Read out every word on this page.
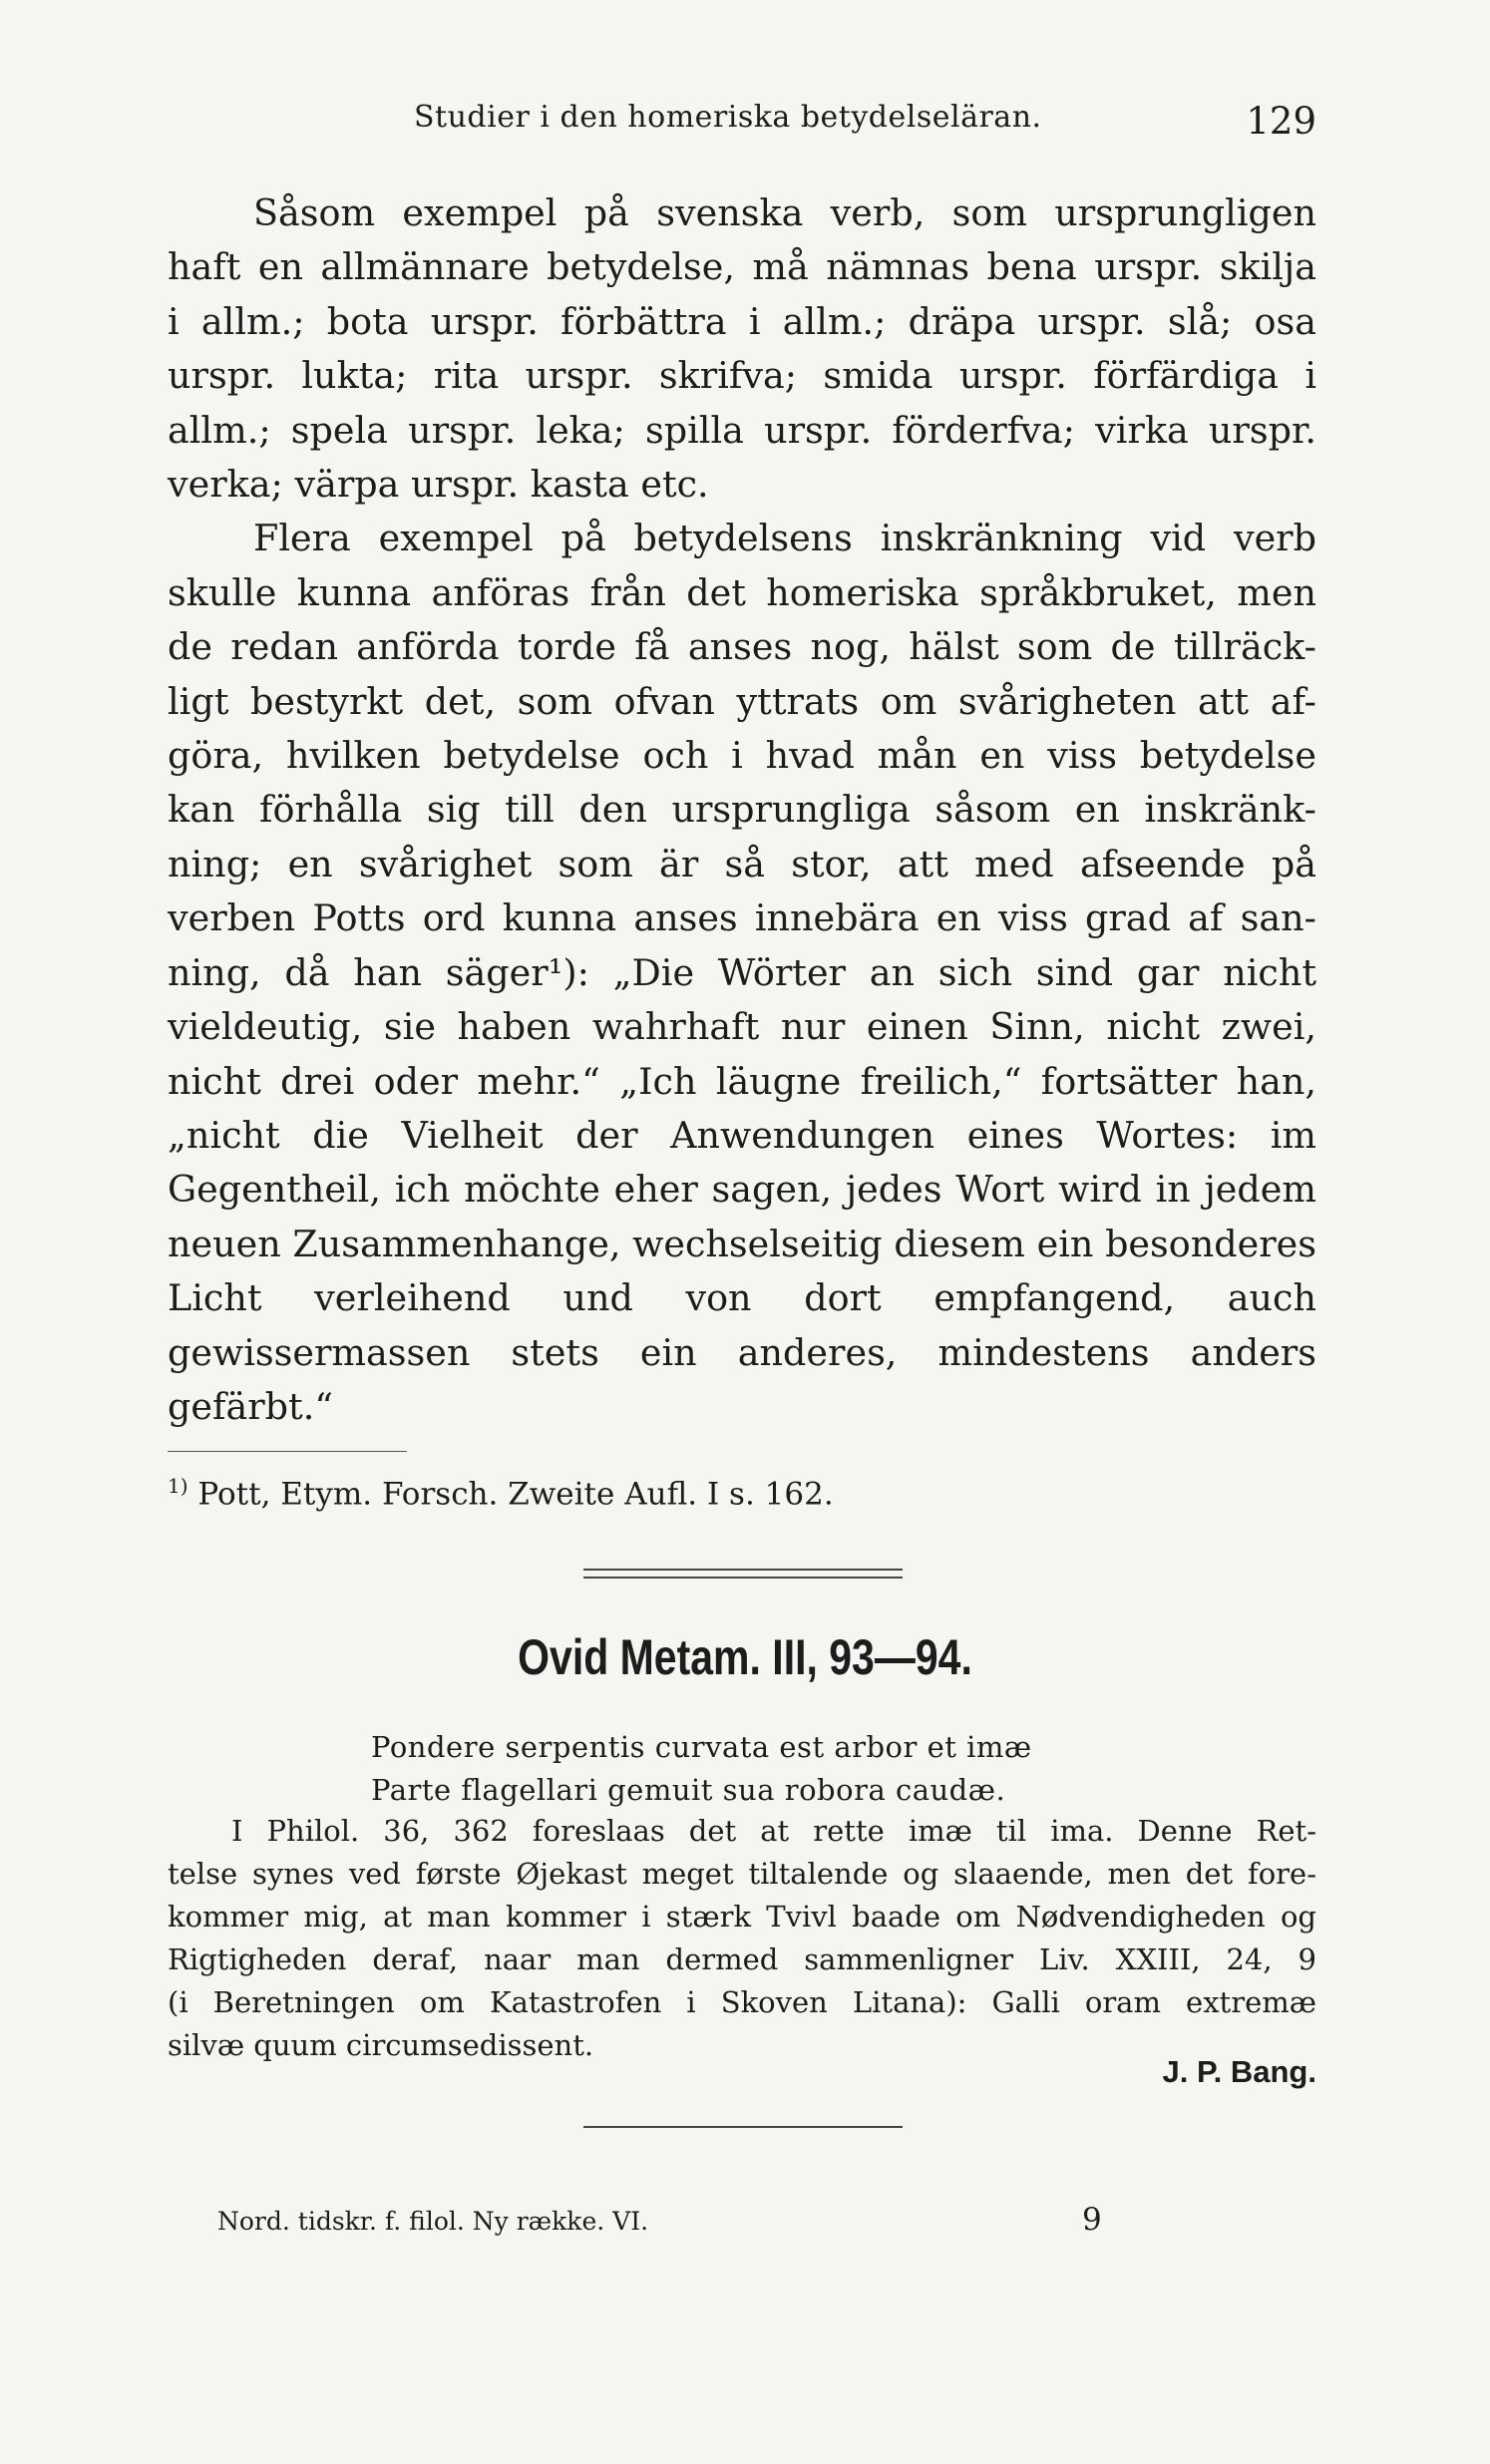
Studier i den homeriska betydelseläran.	129
Såsom exempel på svenska verb, som ursprungligen
haft en allmännare betydelse, må nämnas bena urspr. skilja
i allm.; bota urspr. förbättra i allm.; dräpa urspr. slå; osa
urspr. lukta; rita urspr. skrifva; smida urspr. förfärdiga i
allm.; spela urspr. leka; spilla urspr. förderfva; virka urspr.
verka; värpa urspr. kasta etc.
Flera exempel på betydelsens inskränkning vid verb
skulle kunna anföras från det homeriska språkbruket, men
de redan anförda torde få anses nog, hälst som de tillräck-
ligt bestyrkt det, som ofvan yttrats om svårigheten att af-
göra, hvilken betydelse och i hvad mån en viss betydelse
kan förhålla sig till den ursprungliga såsom en inskränk-
ning; en svårighet som är så stor, att med afseende på
verben Potts ord kunna anses innebära en viss grad af san-
ning, då han säger¹): „Die Wörter an sich sind gar nicht
vieldeutig, sie haben wahrhaft nur einen Sinn, nicht zwei,
nicht drei oder mehr.“ „Ich läugne freilich,“ fortsätter han,
„nicht die Vielheit der Anwendungen eines Wortes: im
Gegentheil, ich möchte eher sagen, jedes Wort wird in jedem
neuen Zusammenhange, wechselseitig diesem ein besonderes
Licht verleihend und von dort empfangend, auch
gewissermassen stets ein anderes, mindestens anders
gefärbt.“
$^{1)}$ Pott, Etym. Forsch. Zweite Aufl. I s. 162.
Ovid Metam. III, 93—94.
Pondere serpentis curvata est arbor et imæ
Parte flagellari gemuit sua robora caudæ.
I Philol. 36, 362 foreslaas det at rette imæ til ima. Denne Ret-
telse synes ved første Øjekast meget tiltalende og slaaende, men det fore-
kommer mig, at man kommer i stærk Tvivl baade om Nødvendigheden og
Rigtigheden deraf, naar man dermed sammenligner Liv. XXIII, 24, 9
(i Beretningen om Katastrofen i Skoven Litana): Galli oram extremæ
silvæ quum circumsedissent.
J. P. Bang.
Nord. tidskr. f. filol. Ny række. VI.	9
